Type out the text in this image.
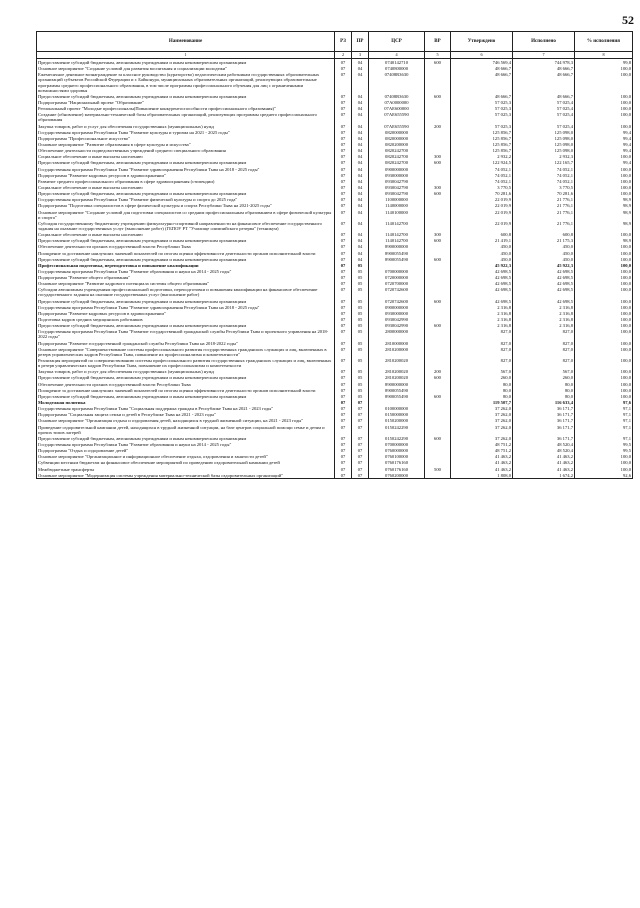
52
Наименование	РЗ	ПР	ЦСР	ВР	Утверждено	Исполнено	% исполнения
1	2	3	4	5	6	7	8
Предоставление субсидий бюджетным, автономным учреждениям и иным некоммерческим организациям	07	04	0740142710	600	746 569,4	744 978,3	99,8
Основное мероприятие "Создание условий для развития воспитания и социализации молодежи"	07	04	0740800000		48 666,7	48 666,7	100,0
Ежемесячное денежное вознаграждение за классное руководство (кураторство) педагогическим работникам государственных образовательных организаций субъектов Российской Федерации и г. Байконура, муниципальных образовательных организаций, реализующих образовательные программы среднего профессионального образования, в том числе программы профессионального обучения для лиц с ограниченными возможностями здоровья	07	04	07408R3630		48 666,7	48 666,7	100,0
Предоставление субсидий бюджетным, автономным учреждениям и иным некоммерческим организациям	07	04	07408R3630	600	48 666,7	48 666,7	100,0
Подпрограмма "Национальный проект "Образование"	07	04	07A0000000		57 025,3	57 025,4	100,0
Региональный проект "Молодые профессионалы(Повышение конкурентоспособности профессионального образования)"	07	04	07AE600000		57 025,3	57 025,4	100,0
Создание (обновление) материально-технической базы образовательных организаций, реализующих программы среднего профессионального образования	07	04	07AE655590		57 025,3	57 025,4	100,0
Закупка товаров, работ и услуг для обеспечения государственных (муниципальных) нужд	07	04	07AE655590	200	57 025,3	57 025,4	100,0
Государственная программа Республики Тыва "Развитие культуры и туризма на 2021 - 2025 годы"	07	04	0820000000		125 856,7	125 098,0	99,4
Подпрограмма "Профессиональное искусство"	07	04	0820000000		125 856,7	125 098,0	99,4
Основное мероприятие "Развитие образования в сфере культуры и искусства"	07	04	0820200000		125 856,7	125 098,0	99,4
Обеспечение деятельности подведомственных учреждений среднего специального образования	07	04	0820242700		125 856,7	125 098,0	99,4
Социальное обеспечение и иные выплаты населению	07	04	0820242700	300	2 932,2	2 932,3	100,0
Предоставление субсидий бюджетным, автономным учреждениям и иным некоммерческим организациям	07	04	0820242700	600	122 924,5	122 165,7	99,4
Государственная программа Республики Тыва "Развитие здравоохранения Республики Тыва на 2018 - 2025 годы"	07	04	0900000000		74 052,1	74 052,1	100,0
Подпрограмма "Развитие кадровых ресурсов в здравоохранении"	07	04	0930000000		74 052,1	74 052,1	100,0
Развитие среднего профессионального образования в сфере здравоохранения (стипендии)	07	04	0930042790		74 052,1	74 052,1	100,0
Социальное обеспечение и иные выплаты населению	07	04	0930042790	300	3 770,5	3 770,5	100,0
Предоставление субсидий бюджетным, автономным учреждениям и иным некоммерческим организациям	07	04	0930042790	600	70 281,6	70 281,6	100,0
Государственная программа Республики Тыва "Развитие физической культуры и спорта до 2025 года"	07	04	1100000000		22 019,9	21 776,1	98,9
Подпрограмма "Подготовка специалистов в сфере физической культуры и спорта Республики Тыва на 2021-2025 годы"	07	04	1140000000		22 019,9	21 776,1	98,9
Основное мероприятие "Создание условий для подготовки специалистов со средним профессиональным образованием в сфере физической культуры и спорта"	07	04	1140100000		22 019,9	21 776,1	98,9
Субсидия государственному бюджетному учреждению физкультурно-спортивной направленности на финансовое обеспечение государственного задания на оказание государственных услуг (выполнение работ) (ГБПОУ РТ "Училище олимпийского резерва" (техникум)	07	04	1140142700		22 019,9	21 776,1	98,9
Социальное обеспечение и иные выплаты населению	07	04	1140142700	300	600,8	600,8	100,0
Предоставление субсидий бюджетным, автономным учреждениям и иным некоммерческим организациям	07	04	1140142700	600	21 419,1	21 175,3	98,9
Обеспечение деятельности органов государственной власти Республики Тыва	07	04	8900000000		450,0	450,0	100,0
Поощрение за достижение наилучших значений показателей по итогам оценки эффективности деятельности органов исполнительной власти	07	04	8900055490		450,0	450,0	100,0
Предоставление субсидий бюджетным, автономным учреждениям и иным некоммерческим организациям	07	04	8900055490	600	450,0	450,0	100,0
Профессиональная подготовка, переподготовка и повышение квалификации	07	05			45 922,3	45 922,3	100,0
Государственная программа Республики Тыва "Развитие образования и науки на 2014 - 2025 годы"	07	05	0700000000		42 698,5	42 698,5	100,0
Подпрограмма "Развитие общего образования"	07	05	0720000000		42 698,5	42 698,5	100,0
Основное мероприятие "Развитие кадрового потенциала системы общего образования"	07	05	0720700000		42 698,5	42 698,5	100,0
Субсидии автономным учреждениям профессиональной подготовки, переподготовки и повышения квалификации на финансовое обеспечение государственного задания на оказание государственных услуг (выполнение работ)	07	05	0720742600		42 698,5	42 698,5	100,0
Предоставление субсидий бюджетным, автономным учреждениям и иным некоммерческим организациям	07	05	0720742600	600	42 698,5	42 698,5	100,0
Государственная программа Республики Тыва "Развитие здравоохранения Республики Тыва на 2018 - 2025 годы"	07	05	0900000000		2 316,8	2 316,8	100,0
Подпрограмма "Развитие кадровых ресурсов в здравоохранении"	07	05	0930000000		2 316,8	2 316,8	100,0
Подготовка кадров средних медицинских работников	07	05	0930042990		2 316,8	2 316,8	100,0
Предоставление субсидий бюджетным, автономным учреждениям и иным некоммерческим организациям	07	05	0930042990	600	2 316,8	2 316,8	100,0
Государственная программа Республики Тыва "Развитие государственной гражданской службы Республики Тыва и проектного управления на 2018-2022 годы"	07	05	2800000000		827,0	827,0	100,0
Подпрограмма "Развитие государственной гражданской службы Республики Тыва на 2018-2022 годы"	07	05	2810000000		827,0	827,0	100,0
Основное мероприятие "Совершенствование системы профессионального развития государственных гражданских служащих и лиц, включенных в резерв управленческих кадров Республики Тыва, повышение их профессионализма и компетентности"	07	05	2810200000		827,0	827,0	100,0
Реализация мероприятий по совершенствованию системы профессионального развития государственных гражданских служащих и лиц, включенных в резерв управленческих кадров Республики Тыва, повышение их профессионализма и компетентности	07	05	2810200020		827,0	827,0	100,0
Закупка товаров, работ и услуг для обеспечения государственных (муниципальных) нужд	07	05	2810200020	200	567,0	567,0	100,0
Предоставление субсидий бюджетным, автономным учреждениям и иным некоммерческим организациям	07	05	2810200020	600	260,0	260,0	100,0
Обеспечение деятельности органов государственной власти Республики Тыва	07	05	8900000000		80,0	80,0	100,0
Поощрение за достижение наилучших значений показателей по итогам оценки эффективности деятельности органов исполнительной власти	07	05	8900055490		80,0	80,0	100,0
Предоставление субсидий бюджетным, автономным учреждениям и иным некоммерческим организациям	07	05	8900055490	600	80,0	80,0	100,0
Молодежная политика	07	07			119 507,7	116 633,4	97,6
Государственная программа Республики Тыва "Социальная поддержка граждан в Республике Тыва на 2021 - 2023 годы"	07	07	0100000000		37 262,0	36 171,7	97,1
Подпрограмма "Социальная защита семьи и детей в Республике Тыва на 2021 - 2023 годы"	07	07	0150000000		37 262,0	36 171,7	97,1
Основное мероприятие "Организация отдыха и оздоровления детей, находящихся в трудной жизненной ситуации, на 2021 - 2023 годы"	07	07	0150200000		37 262,0	36 171,7	97,1
Проведение оздоровительной кампании детей, находящихся в трудной жизненной ситуации, на базе центров социальной помощи семье и детям и прочих типов лагерей	07	07	0150242290		37 262,0	36 171,7	97,1
Предоставление субсидий бюджетным, автономным учреждениям и иным некоммерческим организациям	07	07	0150242290	600	37 262,0	36 171,7	97,1
Государственная программа Республики Тыва "Развитие образования и науки на 2014 - 2025 годы"	07	07	0700000000		48 751,2	48 520,4	99,5
Подпрограмма "Отдых и оздоровление детей"	07	07	0760000000		48 751,2	48 520,4	99,5
Основное мероприятие "Организационное и информационное обеспечение отдыха, оздоровления и занятости детей"	07	07	0760100000		41 463,2	41 463,2	100,0
Субвенции местным бюджетам на финансовое обеспечение мероприятий по проведению оздоровительной кампании детей	07	07	0760176160		41 463,2	41 463,2	100,0
Межбюджетные трансферты	07	07	0760176160	500	41 463,2	41 463,2	100,0
Основное мероприятие "Модернизация системы учреждения материально-технической базы оздоровительных организаций"	07	07	0760200000		1 808,0	1 674,2	92,6
